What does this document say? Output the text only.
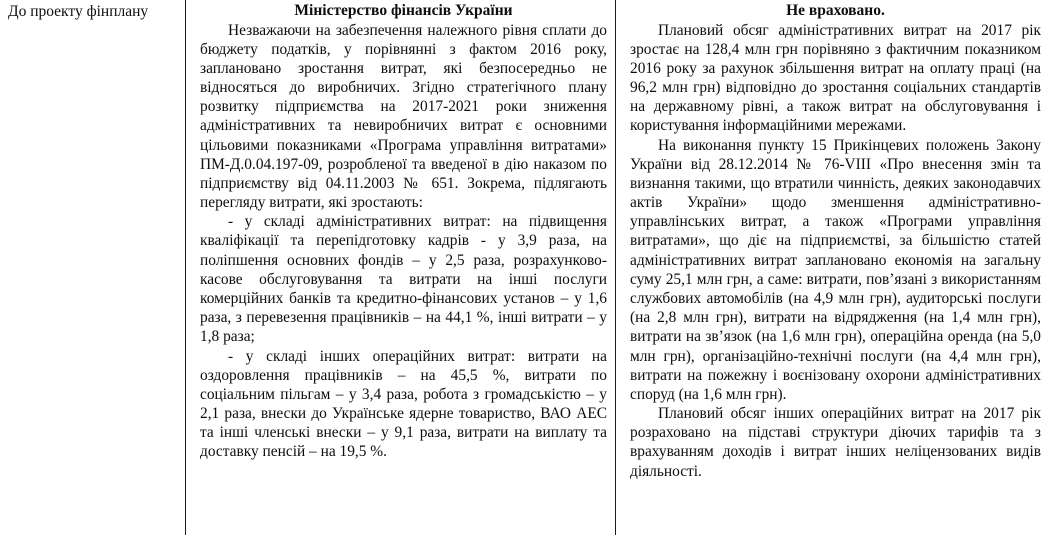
До проекту фінплану	Міністерство фінансів України

Незважаючи на забезпечення належного рівня сплати до бюджету податків, у порівнянні з фактом 2016 року, заплановано зростання витрат, які безпосередньо не відносяться до виробничих. Згідно стратегічного плану розвитку підприємства на 2017-2021 роки зниження адміністративних та невиробничих витрат є основними цільовими показниками «Програма управління витратами» ПМ-Д.0.04.197-09, розробленої та введеної в дію наказом по підприємству від 04.11.2003 № 651. Зокрема, підлягають перегляду витрати, які зростають:

- у складі адміністративних витрат: на підвищення кваліфікації та перепідготовку кадрів - у 3,9 раза, на поліпшення основних фондів – у 2,5 раза, розрахунково-касове обслуговування та витрати на інші послуги комерційних банків та кредитно-фінансових установ – у 1,6 раза, з перевезення працівників – на 44,1 %, інші витрати – у 1,8 раза;

- у складі інших операційних витрат: витрати на оздоровлення працівників – на 45,5 %, витрати по соціальним пільгам – у 3,4 раза, робота з громадськістю – у 2,1 раза, внески до Українське ядерне товариство, ВАО АЕС та інші членські внески – у 9,1 раза, витрати на виплату та доставку пенсій – на 19,5 %.

Не враховано.

Плановий обсяг адміністративних витрат на 2017 рік зростає на 128,4 млн грн порівняно з фактичним показником 2016 року за рахунок збільшення витрат на оплату праці (на 96,2 млн грн) відповідно до зростання соціальних стандартів на державному рівні, а також витрат на обслуговування і користування інформаційними мережами.

На виконання пункту 15 Прикінцевих положень Закону України від 28.12.2014 № 76-VIII «Про внесення змін та визнання такими, що втратили чинність, деяких законодавчих актів України» щодо зменшення адміністративно-управлінських витрат, а також «Програми управління витратами», що діє на підприємстві, за більшістю статей адміністративних витрат заплановано економія на загальну суму 25,1 млн грн, а саме: витрати, пов’язані з використанням службових автомобілів (на 4,9 млн грн), аудиторські послуги (на 2,8 млн грн), витрати на відрядження (на 1,4 млн грн), витрати на зв’язок (на 1,6 млн грн), операційна оренда (на 5,0 млн грн), організаційно-технічні послуги (на 4,4 млн грн), витрати на пожежну і воєнізовану охорони адміністративних споруд (на 1,6 млн грн).

Плановий обсяг інших операційних витрат на 2017 рік розраховано на підставі структури діючих тарифів та з врахуванням доходів і витрат інших неліцензованих видів діяльності.
